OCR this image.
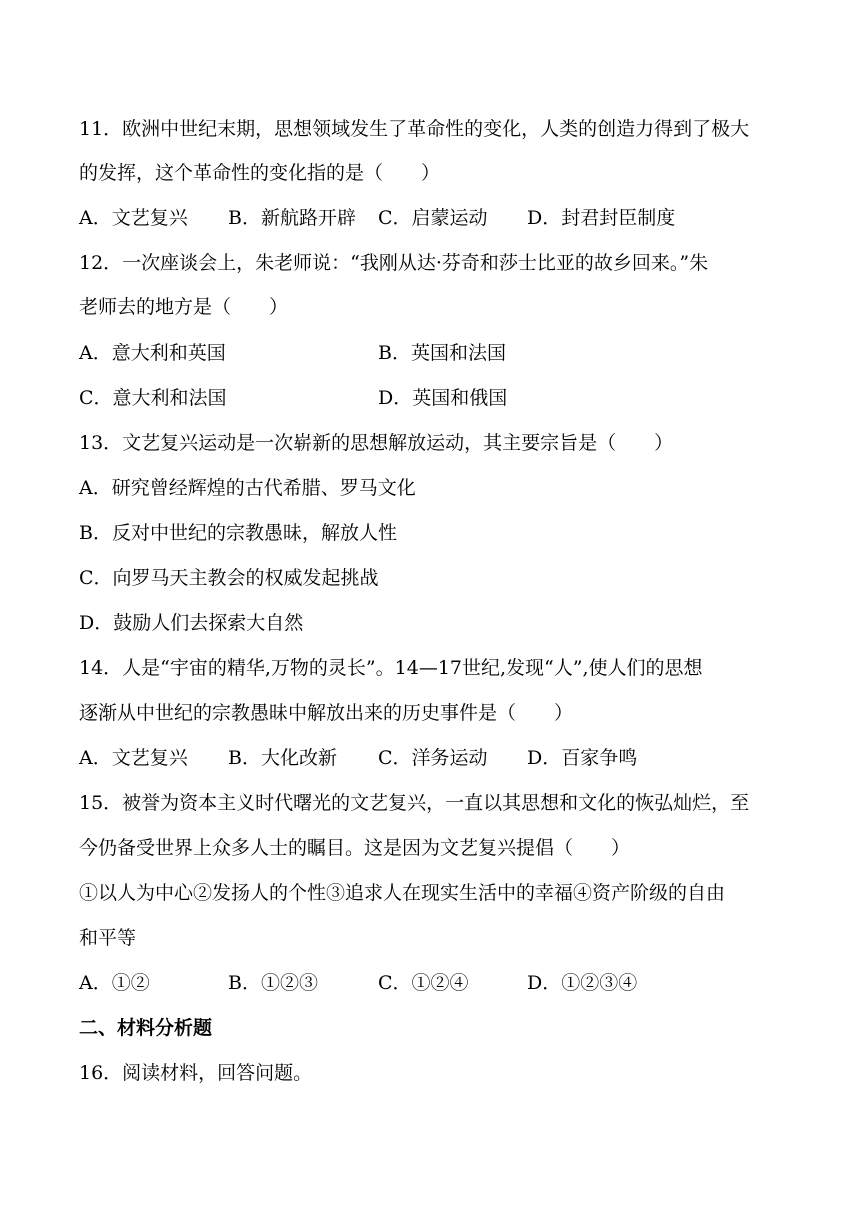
11．欧洲中世纪末期，思想领域发生了革命性的变化，人类的创造力得到了极大
的发挥，这个革命性的变化指的是（　　）
A．文艺复兴 B．新航路开辟 C．启蒙运动 D．封君封臣制度
12．一次座谈会上，朱老师说：“我刚从达·芬奇和莎士比亚的故乡回来。”朱
老师去的地方是（　　）
A．意大利和英国	B．英国和法国
C．意大利和法国	D．英国和俄国
13．文艺复兴运动是一次崭新的思想解放运动，其主要宗旨是（　　）
A．研究曾经辉煌的古代希腊、罗马文化
B．反对中世纪的宗教愚昧，解放人性
C．向罗马天主教会的权威发起挑战
D．鼓励人们去探索大自然
14．人是“宇宙的精华,万物的灵长”。14—17世纪,发现“人”,使人们的思想
逐渐从中世纪的宗教愚昧中解放出来的历史事件是（　　）
A．文艺复兴 B．大化改新 C．洋务运动 D．百家争鸣
15．被誉为资本主义时代曙光的文艺复兴，一直以其思想和文化的恢弘灿烂，至
今仍备受世界上众多人士的瞩目。这是因为文艺复兴提倡（　　）
①以人为中心②发扬人的个性③追求人在现实生活中的幸福④资产阶级的自由
和平等
A．①②	B．①②③	C．①②④	D．①②③④
二、材料分析题
16．阅读材料，回答问题。
